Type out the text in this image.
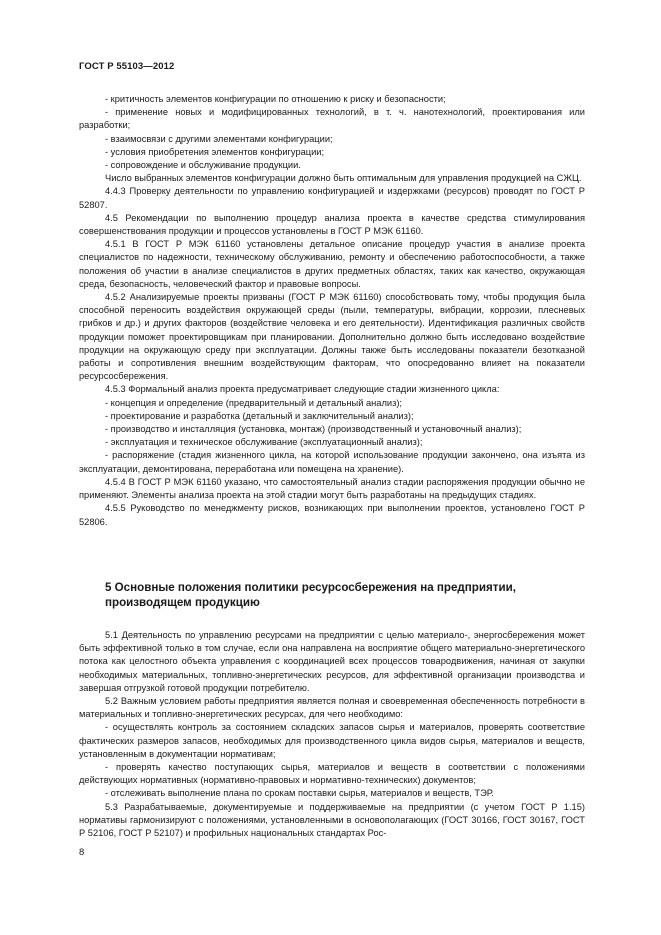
ГОСТ Р 55103—2012

- критичность элементов конфигурации по отношению к риску и безопасности;

- применение новых и модифицированных технологий, в т. ч. нанотехнологий, проектирования или разработки;

- взаимосвязи с другими элементами конфигурации;

- условия приобретения элементов конфигурации;

- сопровождение и обслуживание продукции.

Число выбранных элементов конфигурации должно быть оптимальным для управления продукцией на СЖЦ.

4.4.3 Проверку деятельности по управлению конфигурацией и издержками (ресурсов) проводят по ГОСТ Р 52807.

4.5 Рекомендации по выполнению процедур анализа проекта в качестве средства стимулирования совершенствования продукции и процессов установлены в ГОСТ Р МЭК 61160.

4.5.1 В ГОСТ Р МЭК 61160 установлены детальное описание процедур участия в анализе проекта специалистов по надежности, техническому обслуживанию, ремонту и обеспечению работоспособности, а также положения об участии в анализе специалистов в других предметных областях, таких как качество, окружающая среда, безопасность, человеческий фактор и правовые вопросы.

4.5.2 Анализируемые проекты призваны (ГОСТ Р МЭК 61160) способствовать тому, чтобы продукция была способной переносить воздействия окружающей среды (пыли, температуры, вибрации, коррозии, плесневых грибков и др.) и других факторов (воздействие человека и его деятельности). Идентификация различных свойств продукции поможет проектировщикам при планировании. Дополнительно должно быть исследовано воздействие продукции на окружающую среду при эксплуатации. Должны также быть исследованы показатели безотказной работы и сопротивления внешним воздействующим факторам, что опосредованно влияет на показатели ресурсосбережения.

4.5.3 Формальный анализ проекта предусматривает следующие стадии жизненного цикла:

- концепция и определение (предварительный и детальный анализ);

- проектирование и разработка (детальный и заключительный анализ);

- производство и инсталляция (установка, монтаж) (производственный и установочный анализ);

- эксплуатация и техническое обслуживание (эксплуатационный анализ);

- распоряжение (стадия жизненного цикла, на которой использование продукции закончено, она изъята из эксплуатации, демонтирована, переработана или помещена на хранение).

4.5.4 В ГОСТ Р МЭК 61160 указано, что самостоятельный анализ стадии распоряжения продукции обычно не применяют. Элементы анализа проекта на этой стадии могут быть разработаны на предыдущих стадиях.

4.5.5 Руководство по менеджменту рисков, возникающих при выполнении проектов, установлено ГОСТ Р 52806.

5 Основные положения политики ресурсосбережения на предприятии, производящем продукцию

5.1 Деятельность по управлению ресурсами на предприятии с целью материало-, энергосбережения может быть эффективной только в том случае, если она направлена на восприятие общего материально-энергетического потока как целостного объекта управления с координацией всех процессов товародвижения, начиная от закупки необходимых материальных, топливно-энергетических ресурсов, для эффективной организации производства и завершая отгрузкой готовой продукции потребителю.

5.2 Важным условием работы предприятия является полная и своевременная обеспеченность потребности в материальных и топливно-энергетических ресурсах, для чего необходимо:

- осуществлять контроль за состоянием складских запасов сырья и материалов, проверять соответствие фактических размеров запасов, необходимых для производственного цикла видов сырья, материалов и веществ, установленным в документации нормативам;

- проверять качество поступающих сырья, материалов и веществ в соответствии с положениями действующих нормативных (нормативно-правовых и нормативно-технических) документов;

- отслеживать выполнение плана по срокам поставки сырья, материалов и веществ, ТЭР.

5.3 Разрабатываемые, документируемые и поддерживаемые на предприятии (с учетом ГОСТ Р 1.15) нормативы гармонизируют с положениями, установленными в основополагающих (ГОСТ 30166, ГОСТ 30167, ГОСТ Р 52106, ГОСТ Р 52107) и профильных национальных стандартах Рос-

8
